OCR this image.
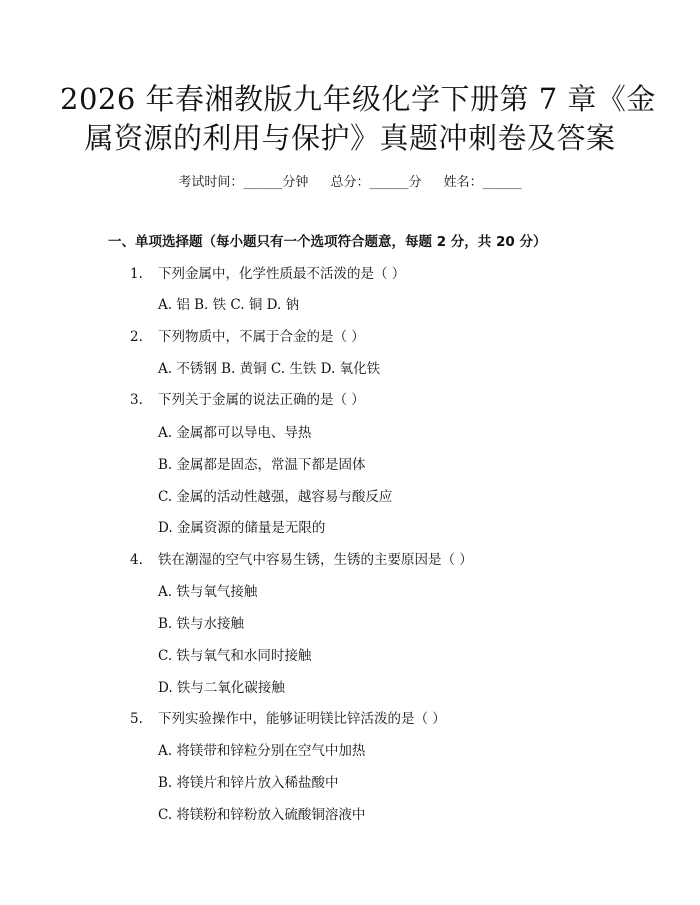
2026 年春湘教版九年级化学下册第 7 章《金
属资源的利用与保护》真题冲刺卷及答案
考试时间：______分钟 总分：______分 姓名：______
一、单项选择题（每小题只有一个选项符合题意，每题 2 分，共 20 分）
1. 下列金属中，化学性质最不活泼的是（ ）
A. 铝 B. 铁 C. 铜 D. 钠
2. 下列物质中，不属于合金的是（ ）
A. 不锈钢 B. 黄铜 C. 生铁 D. 氧化铁
3. 下列关于金属的说法正确的是（ ）
A. 金属都可以导电、导热
B. 金属都是固态，常温下都是固体
C. 金属的活动性越强，越容易与酸反应
D. 金属资源的储量是无限的
4. 铁在潮湿的空气中容易生锈，生锈的主要原因是（ ）
A. 铁与氧气接触
B. 铁与水接触
C. 铁与氧气和水同时接触
D. 铁与二氧化碳接触
5. 下列实验操作中，能够证明镁比锌活泼的是（ ）
A. 将镁带和锌粒分别在空气中加热
B. 将镁片和锌片放入稀盐酸中
C. 将镁粉和锌粉放入硫酸铜溶液中
